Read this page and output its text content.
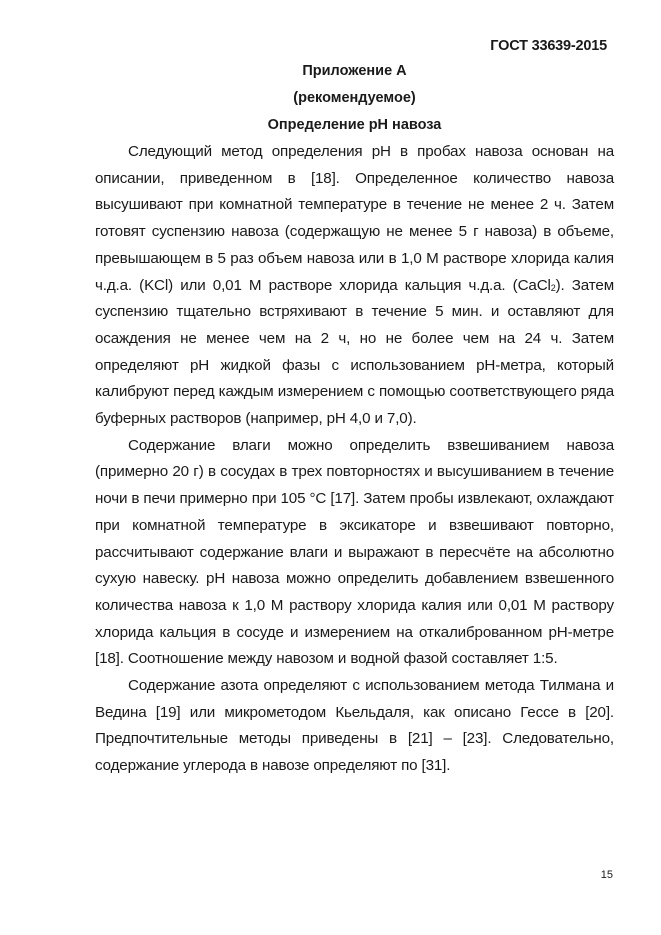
ГОСТ 33639-2015
Приложение А
(рекомендуемое)
Определение pH навоза

Следующий метод определения pH в пробах навоза основан на описании, приведенном в [18]. Определенное количество навоза высушивают при комнатной температуре в течение не менее 2 ч. Затем готовят суспензию навоза (содержащую не менее 5 г навоза) в объеме, превышающем в 5 раз объем навоза или в 1,0 М растворе хлорида калия ч.д.а. (KCl) или 0,01 М растворе хлорида кальция ч.д.а. (CaCl$_2$). Затем суспензию тщательно встряхивают в течение 5 мин. и оставляют для осаждения не менее чем на 2 ч, но не более чем на 24 ч. Затем определяют pH жидкой фазы с использованием pH-метра, который калибруют перед каждым измерением с помощью соответствующего ряда буферных растворов (например, pH 4,0 и 7,0).

Содержание влаги можно определить взвешиванием навоза (примерно 20 г) в сосудах в трех повторностях и высушиванием в течение ночи в печи примерно при 105 °С [17]. Затем пробы извлекают, охлаждают при комнатной температуре в эксикаторе и взвешивают повторно, рассчитывают содержание влаги и выражают в пересчёте на абсолютно сухую навеску. pH навоза можно определить добавлением взвешенного количества навоза к 1,0 М раствору хлорида калия или 0,01 М раствору хлорида кальция в сосуде и измерением на откалиброванном pH-метре [18]. Соотношение между навозом и водной фазой составляет 1:5.

Содержание азота определяют с использованием метода Тилмана и Ведина [19] или микрометодом Кьельдаля, как описано Гессе в [20]. Предпочтительные методы приведены в [21] – [23]. Следовательно, содержание углерода в навозе определяют по [31].

15
